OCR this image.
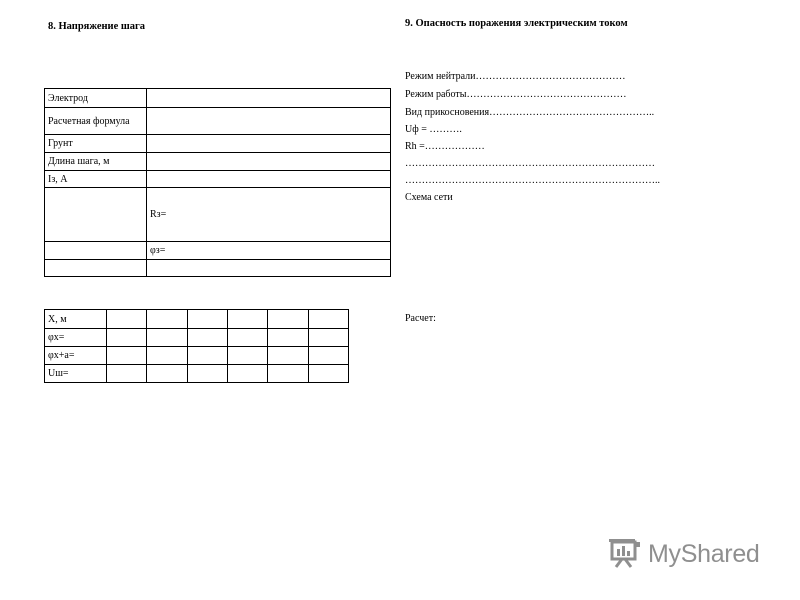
8. Напряжение шага
Электрод	
Расчетная формула	
Грунт	
Длина шага, м	
Iз, А	
	Rз=
	φз=

Х, м						
φх=						
φх+а=						
Uш=						
9. Опасность поражения электрическим током
Режим нейтрали………………………………………
Режим работы…………………………………………
Вид прикосновения…………………………………………..
Uф = ……….
Rh =………………
…………………………………………………………………
…………………………………………………………………..
Схема сети
Расчет:
MyShared
